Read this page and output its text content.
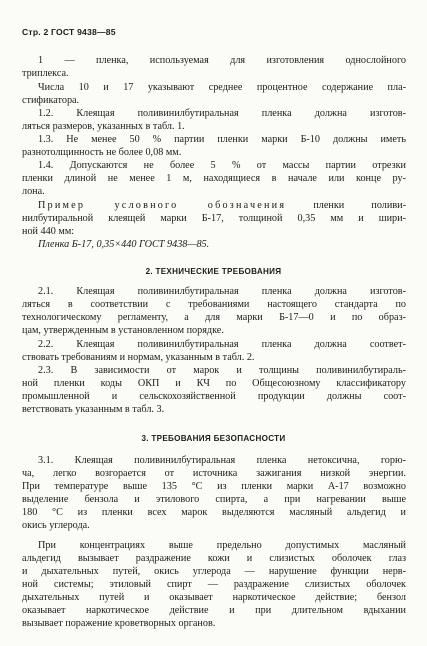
Стр. 2 ГОСТ 9438—85
1 — пленка, используемая для изготовления однослойного
триплекса.
Числа 10 и 17 указывают среднее процентное содержание пла-
стификатора.
1.2. Клеящая поливинилбутиральная пленка должна изготов-
ляться размеров, указанных в табл. 1.
1.3. Не менее 50 % партии пленки марки Б-10 должны иметь
разнотолщинность не более 0,08 мм.
1.4. Допускаются не более 5 % от массы партии отрезки
пленки длиной не менее 1 м, находящиеся в начале или конце ру-
лона.
Пример условного обозначения пленки поливи-
нилбутиральной клеящей марки Б-17, толщиной 0,35 мм и шири-
ной 440 мм:
Пленка Б-17, 0,35×440 ГОСТ 9438—85.
2. ТЕХНИЧЕСКИЕ ТРЕБОВАНИЯ
2.1. Клеящая поливинилбутиральная пленка должна изготов-
ляться в соответствии с требованиями настоящего стандарта по
технологическому регламенту, а для марки Б-17—0 и по образ-
цам, утвержденным в установленном порядке.
2.2. Клеящая поливинилбутиральная пленка должна соответ-
ствовать требованиям и нормам, указанным в табл. 2.
2.3. В зависимости от марок и толщины поливинилбутираль-
ной пленки коды ОКП и КЧ по Общесоюзному классификатору
промышленной и сельскохозяйственной продукции должны соот-
ветствовать указанным в табл. 3.
3. ТРЕБОВАНИЯ БЕЗОПАСНОСТИ
3.1. Клеящая поливинилбутиральная пленка нетоксична, горю-
ча, легко возгорается от источника зажигания низкой энергии.
При температуре выше 135 °С из пленки марки А-17 возможно
выделение бензола и этилового спирта, а при нагревании выше
180 °С из пленки всех марок выделяются масляный альдегид и
окись углерода.
При концентрациях выше предельно допустимых масляный
альдегид вызывает раздражение кожи и слизистых оболочек глаз
и дыхательных путей, окись углерода — нарушение функции нерв-
ной системы; этиловый спирт — раздражение слизистых оболочек
дыхательных путей и оказывает наркотическое действие; бензол
оказывает наркотическое действие и при длительном вдыхании
вызывает поражение кроветворных органов.
